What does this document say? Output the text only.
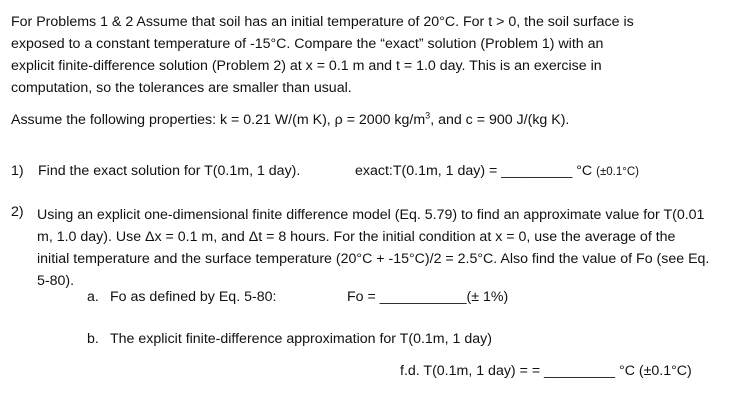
For Problems 1 & 2 Assume that soil has an initial temperature of 20°C. For t > 0, the soil surface is
exposed to a constant temperature of -15°C. Compare the “exact” solution (Problem 1) with an
explicit finite-difference solution (Problem 2) at x = 0.1 m and t = 1.0 day. This is an exercise in
computation, so the tolerances are smaller than usual.
Assume the following properties: k = 0.21 W/(m K), ρ = 2000 $kg/m^3$, and c = 900 J/(kg K).
1) Find the exact solution for T(0.1m, 1 day).	exact:T(0.1m, 1 day) = _________ °C (±0.1°C)
2) Using an explicit one-dimensional finite difference model (Eq. 5.79) to find an approximate value for T(0.01
m, 1.0 day). Use Δx = 0.1 m, and Δt = 8 hours. For the initial condition at x = 0, use the average of the
initial temperature and the surface temperature (20°C + -15°C)/2 = 2.5°C. Also find the value of Fo (see Eq.
5-80).
a. Fo as defined by Eq. 5-80:	Fo = ___________(± 1%)
b. The explicit finite-difference approximation for T(0.1m, 1 day)
f.d. T(0.1m, 1 day) = = _________ °C (±0.1°C)
